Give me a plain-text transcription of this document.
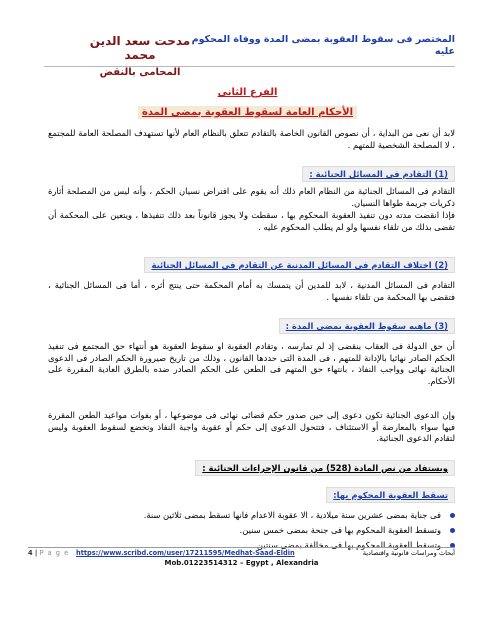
المختصر فى سقوط العقوبة بمضى المدة ووفاة المحكوم عليه
مدحت سعد الدين محمد
المحامى بالنقض
الفرع الثانى
الأحكام العامة لسقوط العقوبة بمضى المدة
لابد أن نعى من البداية ، أن نصوص القانون الخاصة بالتقادم تتعلق بالنظام العام لأنها تستهدف المصلحة العامة للمجتمع ، لا المصلحة الشخصية للمتهم .
(1) التقادم فى المسائل الجنائية :
التقادم فى المسائل الجنائية من النظام العام ذلك أنه يقوم على افتراض نسيان الحكم ، وأنه ليس من المصلحة أثارة ذكريات جريمة طواها النسيان.
فإذا انقضت مدته دون تنفيذ العقوبة المحكوم بها ، سقطت ولا يجوز قانوناً بعد ذلك تنفيذها ، ويتعين على المحكمة أن تقضى بذلك من تلقاء نفسها ولو لم يطلب المحكوم عليه .
(2) اختلاف التقادم فى المسائل المدنية عن التقادم فى المسائل الجنائية
التقادم فى المسائل المدنية ، لابد للمدين أن يتمسك به أمام المحكمة حتى ينتج أثره ، أما فى المسائل الجنائية ، فتقضى بها المحكمة من تلقاء نفسها .
(3) ماهيه سقوط العقوبة بمضى المدة :
أن حق الدولة فى العقاب ينقضى إذ لم تمارسه ، وتقادم العقوبة او سقوط العقوبة هو أنتهاء حق المجتمع فى تنفيذ الحكم الصادر نهائيا بالإدانة للمتهم ، فى المدة التى حددها القانون ، وذلك من تاريخ صيرورة الحكم الصادر فى الدعوى الجنائية نهائى وواجب النفاذ ، بانتهاء حق المتهم فى الطعن على الحكم الصادر ضده بالطرق العادية المقررة على الأحكام.
وإن الدعوى الجنائية تكون دعوى إلى حين صدور حكم قضائى نهائى فى موضوعها ، أو بفوات مواعيد الطعن المقررة فيها سواء بالمعارضة أو الاستئناف ، فتتحول الدعوى إلى حكم أو عقوبة واجبة النفاذ وتخضع لسقوط العقوبة وليس لتقادم الدعوى الجنائية.
ويستفاد من نص المادة (528) من قانون الإجراءات الجنائية :
تسقط العقوبة المحكوم بها:
فى جناية بمضى عشرين سنة ميلادية ، الا عقوبة الاعدام فانها تسقط بمضى ثلاثين سنة.
وتسقط العقوبة المحكوم بها فى جنحة بمضى خمس سنين.
وتسقط العقوبة المحكوم بها فى مخالفة بمضى سنتين.
4 | P a g e https://www.scribd.com/user/17211595/Medhat-Saad-Eldin	أبحاث ومراسات قانونية واقتصادية
Mob.01223514312 – Egypt , Alexandria
